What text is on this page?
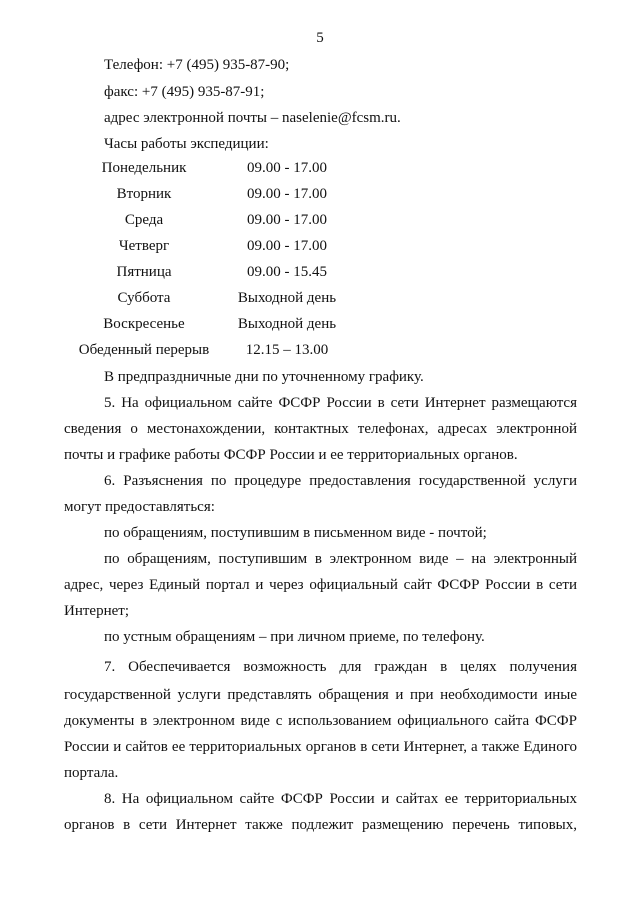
5
Телефон: +7 (495) 935-87-90;
факс: +7 (495) 935-87-91;
адрес электронной почты – naselenie@fcsm.ru.
Часы работы экспедиции:
Понедельник	09.00 - 17.00
Вторник	09.00 - 17.00
Среда	09.00 - 17.00
Четверг	09.00 - 17.00
Пятница	09.00 - 15.45
Суббота	Выходной день
Воскресенье	Выходной день
Обеденный перерыв	12.15 – 13.00
В предпраздничные дни по уточненному графику.
5. На официальном сайте ФСФР России в сети Интернет размещаются
сведения о местонахождении, контактных телефонах, адресах электронной
почты и графике работы ФСФР России и ее территориальных органов.
6. Разъяснения по процедуре предоставления государственной услуги
могут предоставляться:
по обращениям, поступившим в письменном виде - почтой;
по обращениям, поступившим в электронном виде – на электронный
адрес, через Единый портал и через официальный сайт ФСФР России в сети
Интернет;
по устным обращениям – при личном приеме, по телефону.
7. Обеспечивается возможность для граждан в целях получения
государственной услуги представлять обращения и при необходимости иные
документы в электронном виде с использованием официального сайта ФСФР
России и сайтов ее территориальных органов в сети Интернет, а также Единого
портала.
8. На официальном сайте ФСФР России и сайтах ее территориальных
органов в сети Интернет также подлежит размещению перечень типовых,
